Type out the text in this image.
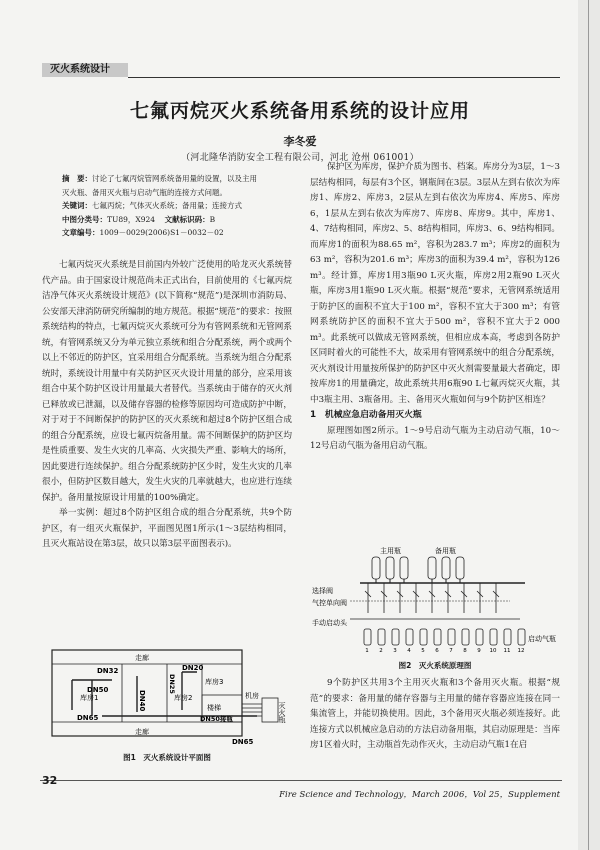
灭火系统设计
七氟丙烷灭火系统备用系统的设计应用
李冬爱
（河北隆华消防安全工程有限公司，河北 沧州 061001）
摘　要：讨论了七氟丙烷管网系统备用量的设置，以及主用灭火瓶、备用灭火瓶与启动气瓶的连接方式问题。
关键词：七氟丙烷；气体灭火系统；备用量；连接方式
中图分类号：TU89，X924 文献标识码：B
文章编号：1009－0029(2006)S1－0032－02

七氟丙烷灭火系统是目前国内外较广泛使用的哈龙灭火系统替代产品。由于国家设计规范尚未正式出台，目前使用的《七氟丙烷洁净气体灭火系统设计规范》(以下简称“规范”)是深圳市消防局、公安部天津消防研究所编制的地方规范。根据“规范”的要求：按照系统结构的特点，七氟丙烷灭火系统可分为有管网系统和无管网系统，有管网系统又分为单元独立系统和组合分配系统，两个或两个以上不邻近的防护区，宜采用组合分配系统。当系统为组合分配系统时，系统设计用量中有关防护区灭火设计用量的部分，应采用该组合中某个防护区设计用量最大者替代。当系统由于储存的灭火剂已释放或已泄漏，以及储存容器的检修等原因均可造成防护中断，对于对于不间断保护的防护区的灭火系统和超过8个防护区组合成的组合分配系统，应设七氟丙烷备用量。需不间断保护的防护区均是性质重要、发生火灾的几率高、火灾损失严重、影响大的场所，因此要进行连续保护。组合分配系统防护区少时，发生火灾的几率很小，但防护区数目越大，发生火灾的几率就越大，也应进行连续保护。备用量按原设计用量的100%确定。

举一实例：超过8个防护区组合成的组合分配系统，共9个防护区，有一组灭火瓶保护，平面图见图1所示(1～3层结构相同，且灭火瓶站设在第3层，故只以第3层平面图表示)。

走廊
走廊
库房1	库房2
库房3
DN32
DN50	DN40
DN20
DN25
DN50接瓶
DN65
DN65
楼梯
机房
灭火瓶
图1　灭火系统设计平面图

保护区为库房，保护介质为图书、档案。库房分为3层，1～3层结构相同，每层有3个区，钢瓶间在3层。3层从左到右依次为库房1、库房2、库房3，2层从左到右依次为库房4、库房5、库房6，1层从左到右依次为库房7、库房8、库房9。其中，库房1、4、7结构相同，库房2、5、8结构相同，库房3、6、9结构相同。而库房1的面积为88.65 m²，容积为283.7 m³；库房2的面积为63 m²，容积为201.6 m³；库房3的面积为39.4 m²，容积为126 m³。经计算，库房1用3瓶90 L灭火瓶，库房2用2瓶90 L灭火瓶，库房3用1瓶90 L灭火瓶。根据“规范”要求，无管网系统适用于防护区的面积不宜大于100 m²，容积不宜大于300 m³；有管网系统防护区的面积不宜大于500 m²，容积不宜大于2 000 m³。此系统可以做成无管网系统，但相应成本高，考虑到各防护区同时着火的可能性不大，故采用有管网系统中的组合分配系统，灭火剂设计用量按所保护的防护区中灭火剂需要量最大者确定，即按库房1的用量确定，故此系统共用6瓶90 L七氟丙烷灭火瓶，其中3瓶主用、3瓶备用。主、备用灭火瓶如何与9个防护区相连？

1　机械应急启动备用灭火瓶

原理图如图2所示。1～9号启动气瓶为主动启动气瓶，10～12号启动气瓶为备用启动气瓶。

主用瓶	备用瓶
选择阀
气控单向阀
手动启动头
1 2 3 4 5 6 7 8 9 10 11 12
启动气瓶
图2　灭火系统原理图

9个防护区共用3个主用灭火瓶和3个备用灭火瓶。根据“规范”的要求：备用量的储存容器与主用量的储存容器应连接在同一集流管上，并能切换使用。因此，3个备用灭火瓶必须连接好。此连接方式以机械应急启动的方法启动备用瓶，其启动原理是：当库房1区着火时，主动瓶首先动作灭火，主动启动气瓶1在启

32
Fire Science and Technology，March 2006，Vol 25，Supplement
